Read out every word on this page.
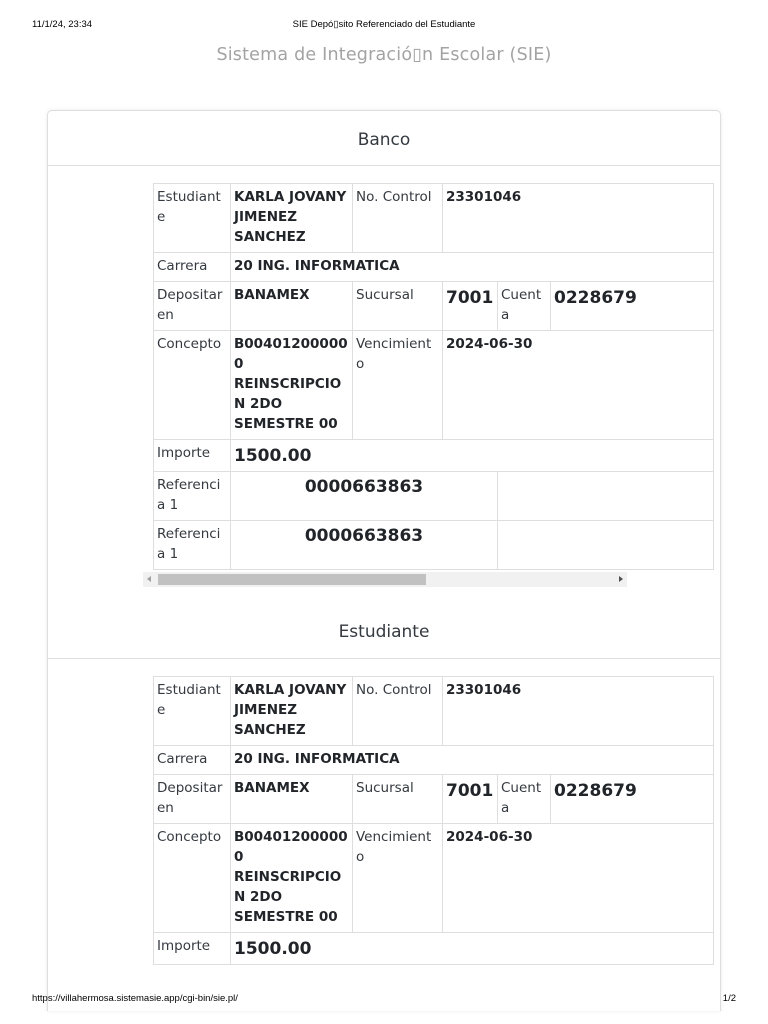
11/1/24, 23:34	SIE Depó▯sito Referenciado del Estudiante
Sistema de Integració▯n Escolar (SIE)
Banco
Estudiante	KARLA JOVANY JIMENEZ SANCHEZ	No. Control	23301046		
Carrera	20 ING. INFORMATICA				
Depositar en	BANAMEX	Sucursal	7001	Cuenta	0228679
Concepto	B004012000000 REINSCRIPCION 2DO SEMESTRE 00	Vencimiento	2024-06-30		
Importe	1500.00				
Referencia 1	0000663863				
Referencia 1	0000663863				
Estudiante
Estudiante	KARLA JOVANY JIMENEZ SANCHEZ	No. Control	23301046		
Carrera	20 ING. INFORMATICA				
Depositar en	BANAMEX	Sucursal	7001	Cuenta	0228679
Concepto	B004012000000 REINSCRIPCION 2DO SEMESTRE 00	Vencimiento	2024-06-30		
Importe	1500.00				
https://villahermosa.sistemasie.app/cgi-bin/sie.pl/	1/2
